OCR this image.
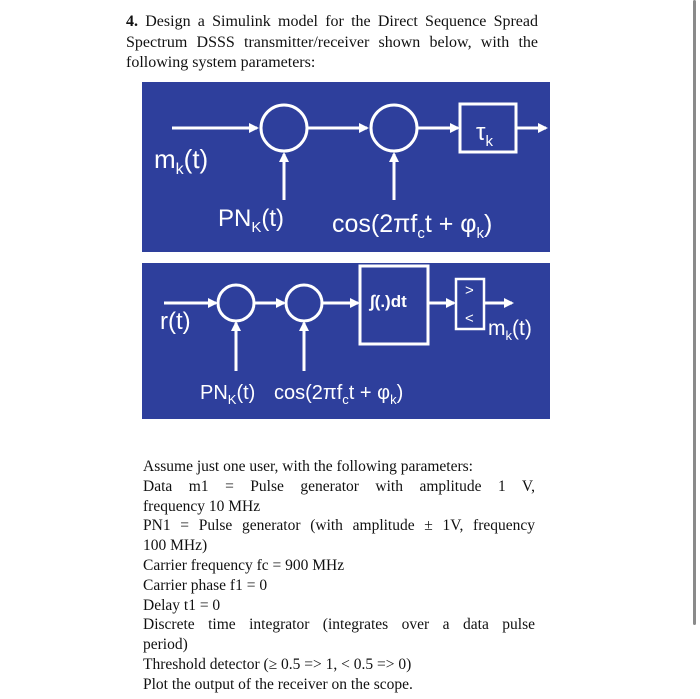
4. Design a Simulink model for the Direct Sequence Spread Spectrum DSSS transmitter/receiver shown below, with the following system parameters:
$m_k(t)$
$\tau_k$
$PN_K(t) \cos(2\pi f_ct + \varphi_k)$
r(t)
∫(.)dt
>
< $m_k(t)$
$PN_K(t) \cos(2\pi f_ct + \varphi_k)$
Assume just one user, with the following parameters:
Data m1 = Pulse generator with amplitude 1 V,
frequency 10 MHz
PN1 = Pulse generator (with amplitude ± 1V, frequency
100 MHz)
Carrier frequency fc = 900 MHz
Carrier phase f1 = 0
Delay t1 = 0
Discrete time integrator (integrates over a data pulse
period)
Threshold detector (≥ 0.5 => 1, < 0.5 => 0)
Plot the output of the receiver on the scope.
